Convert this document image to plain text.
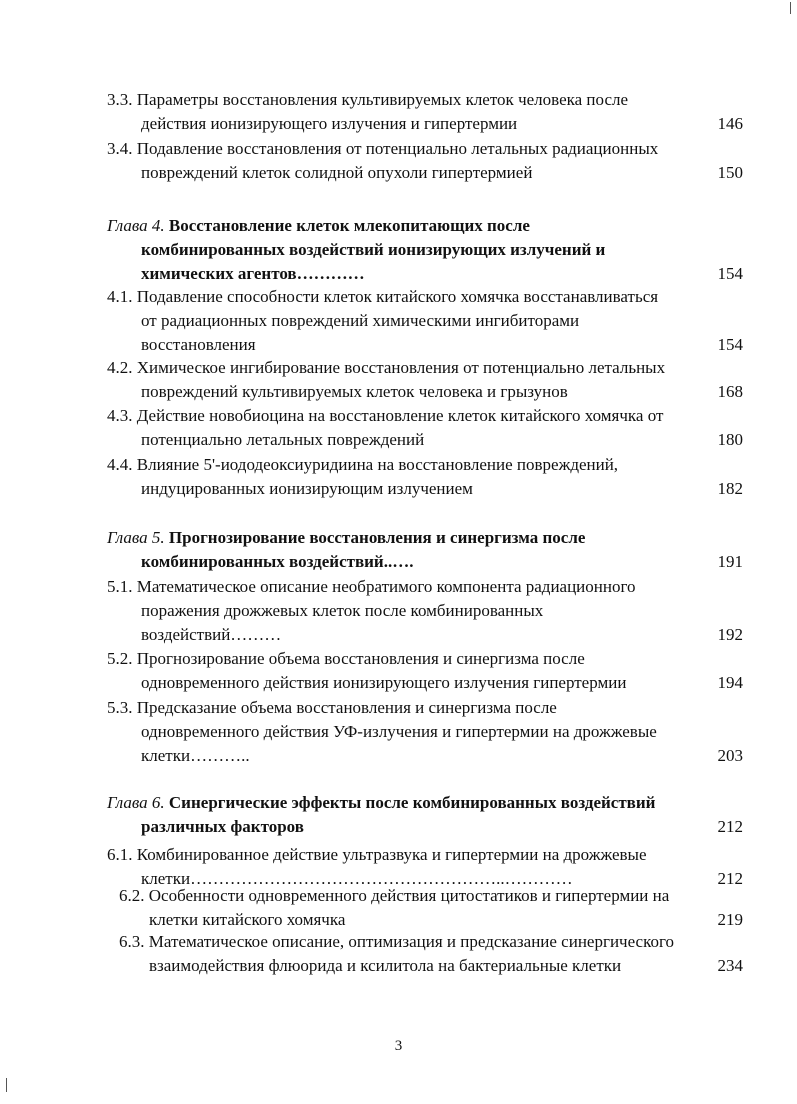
3.3. Параметры восстановления культивируемых клеток человека после
действия ионизирующего излучения и гипертермии	146
3.4. Подавление восстановления от потенциально летальных радиационных
повреждений клеток солидной опухоли гипертермией	150
Глава 4. Восстановление клеток млекопитающих после
комбинированных воздействий ионизирующих излучений и
химических агентов…………	154
4.1. Подавление способности клеток китайского хомячка восстанавливаться
от радиационных повреждений химическими ингибиторами
восстановления	154
4.2. Химическое ингибирование восстановления от потенциально летальных
повреждений культивируемых клеток человека и грызунов	168
4.3. Действие новобиоцина на восстановление клеток китайского хомячка от
потенциально летальных повреждений	180
4.4. Влияние 5'-иододеоксиуридиина на восстановление повреждений,
индуцированных ионизирующим излучением	182
Глава 5. Прогнозирование восстановления и синергизма после
комбинированных воздействий..….	191
5.1. Математическое описание необратимого компонента радиационного
поражения дрожжевых клеток после комбинированных
воздействий………	192
5.2. Прогнозирование объема восстановления и синергизма после
одновременного действия ионизирующего излучения гипертермии	194
5.3. Предсказание объема восстановления и синергизма после
одновременного действия УФ-излучения и гипертермии на дрожжевые
клетки………..	203
Глава 6. Синергические эффекты после комбинированных воздействий
различных факторов	212
6.1. Комбинированное действие ультразвука и гипертермии на дрожжевые
клетки………………………………………………..…………	212
6.2. Особенности одновременного действия цитостатиков и гипертермии на
клетки китайского хомячка	219
6.3. Математическое описание, оптимизация и предсказание синергического
взаимодействия флюорида и ксилитола на бактериальные клетки	234
3
